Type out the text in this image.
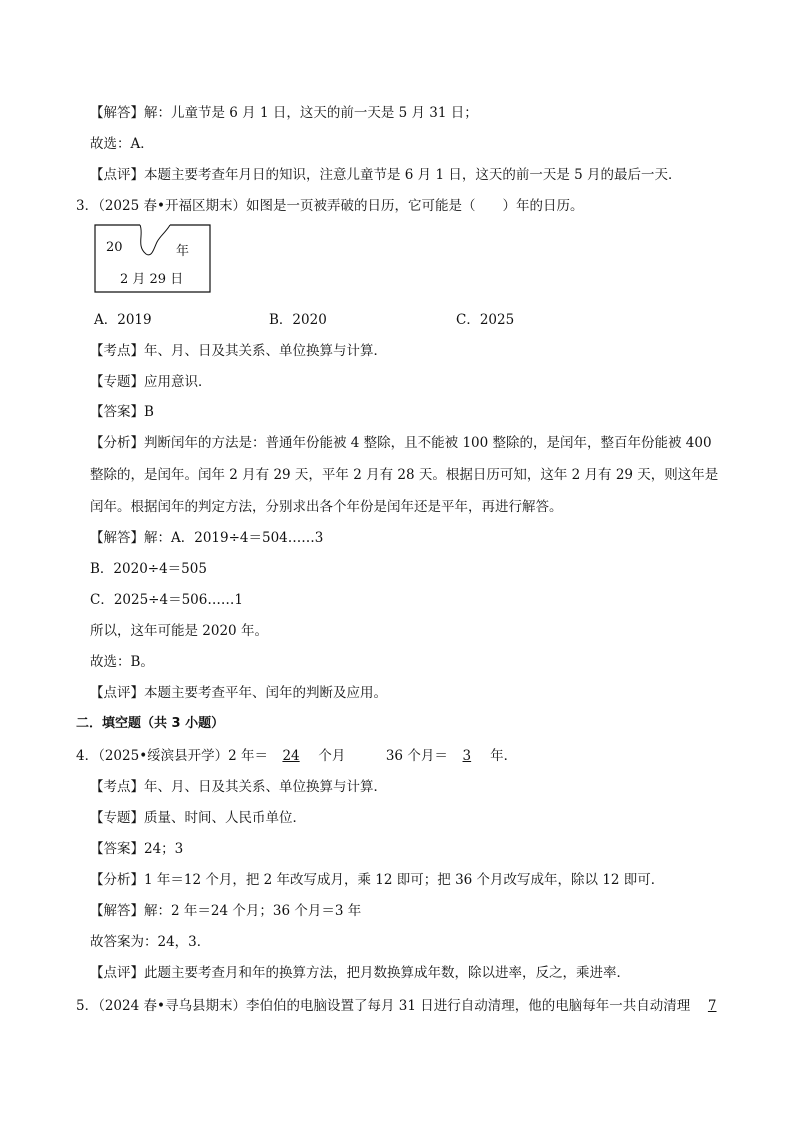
【解答】解：儿童节是 6 月 1 日，这天的前一天是 5 月 31 日；
故选：A．
【点评】本题主要考查年月日的知识，注意儿童节是 6 月 1 日，这天的前一天是 5 月的最后一天．
3．（2025 春•开福区期末）如图是一页被弄破的日历，它可能是（　　）年的日历。
20	年
2 月 29 日
A．2019	B．2020	C．2025
【考点】年、月、日及其关系、单位换算与计算．
【专题】应用意识．
【答案】B
【分析】判断闰年的方法是：普通年份能被 4 整除，且不能被 100 整除的，是闰年，整百年份能被 400
整除的，是闰年。闰年 2 月有 29 天，平年 2 月有 28 天。根据日历可知，这年 2 月有 29 天，则这年是
闰年。根据闰年的判定方法，分别求出各个年份是闰年还是平年，再进行解答。
【解答】解：A．2019÷4＝504……3
B．2020÷4＝505
C．2025÷4＝506……1
所以，这年可能是 2020 年。
故选：B。
【点评】本题主要考查平年、闰年的判断及应用。
二．填空题（共 3 小题）
4．（2025•绥滨县开学）2 年＝ 24 个月　　　36 个月＝ 3 年．
【考点】年、月、日及其关系、单位换算与计算．
【专题】质量、时间、人民币单位．
【答案】24；3
【分析】1 年＝12 个月，把 2 年改写成月，乘 12 即可；把 36 个月改写成年，除以 12 即可．
【解答】解：2 年＝24 个月；36 个月＝3 年
故答案为：24，3．
【点评】此题主要考查月和年的换算方法，把月数换算成年数，除以进率，反之，乘进率．
5．（2024 春•寻乌县期末）李伯伯的电脑设置了每月 31 日进行自动清理，他的电脑每年一共自动清理 7
